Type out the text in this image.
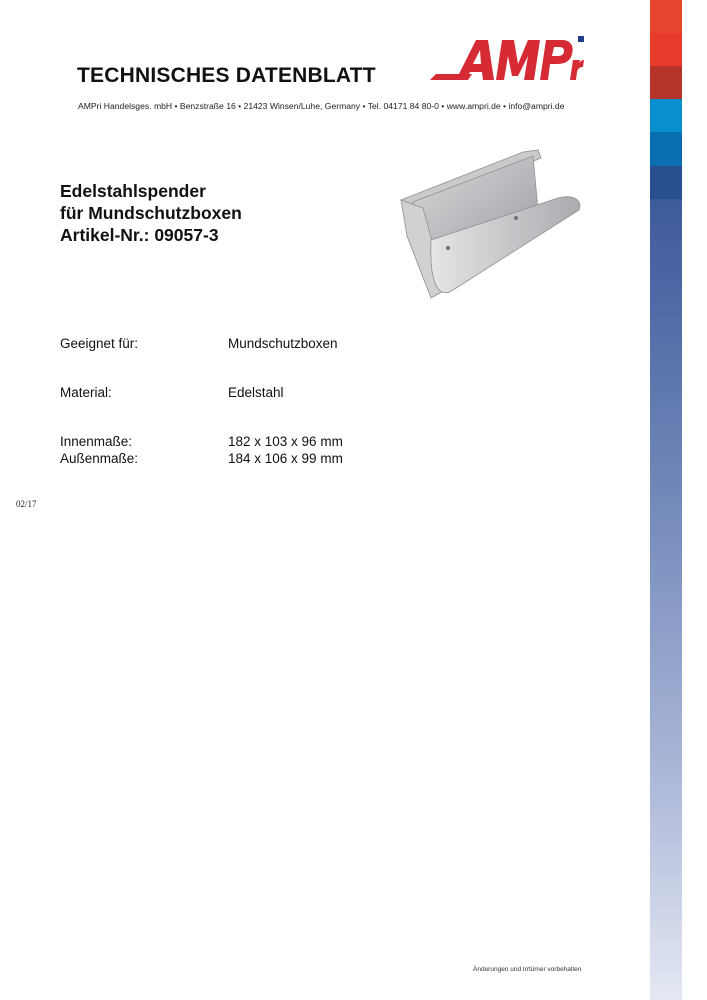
TECHNISCHES DATENBLATT
AMPri Handelsges. mbH • Benzstraße 16 • 21423 Winsen/Luhe, Germany • Tel. 04171 84 80-0 • www.ampri.de • info@ampri.de
Edelstahlspender
für Mundschutzboxen
Artikel-Nr.: 09057-3
Geeignet für:	Mundschutzboxen
Material:	Edelstahl
Innenmaße:	182 x 103 x 96 mm
Außenmaße:	184 x 106 x 99 mm
02/17
Änderungen und Irrtümer vorbehalten
